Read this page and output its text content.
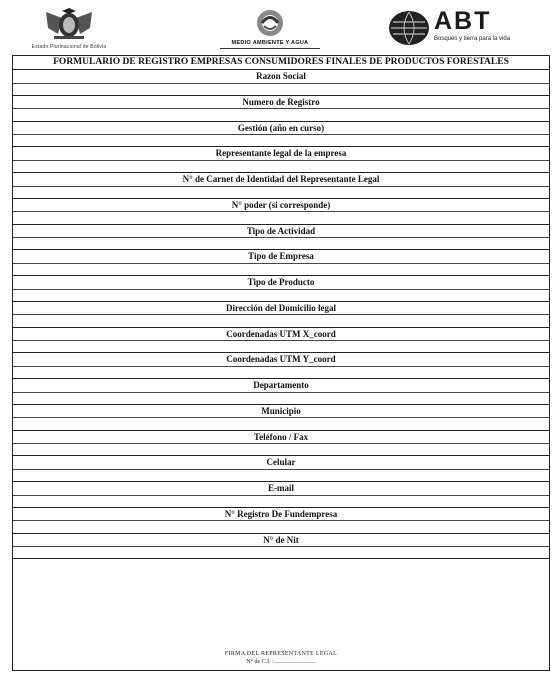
Estado Plurinacional de Bolivia
MEDIO AMBIENTE Y AGUA
ABT
Bosques y tierra para la vida
FORMULARIO DE REGISTRO EMPRESAS CONSUMIDORES FINALES DE PRODUCTOS FORESTALES
Razon Social
Numero de Registro
Gestión (año en curso)
Representante legal de la empresa
N° de Carnet de Identidad del Representante Legal
N° poder (si corresponde)
Tipo de Actividad
Tipo de Empresa
Tipo de Producto
Dirección del Domicilio legal
Coordenadas UTM X_coord
Coordenadas UTM Y_coord
Departamento
Municipio
Teléfono / Fax
Celular
E-mail
N° Registro De Fundempresa
N° de Nit
FIRMA DEL REPRESENTANTE LEGAL
N° de C.I. :............................
